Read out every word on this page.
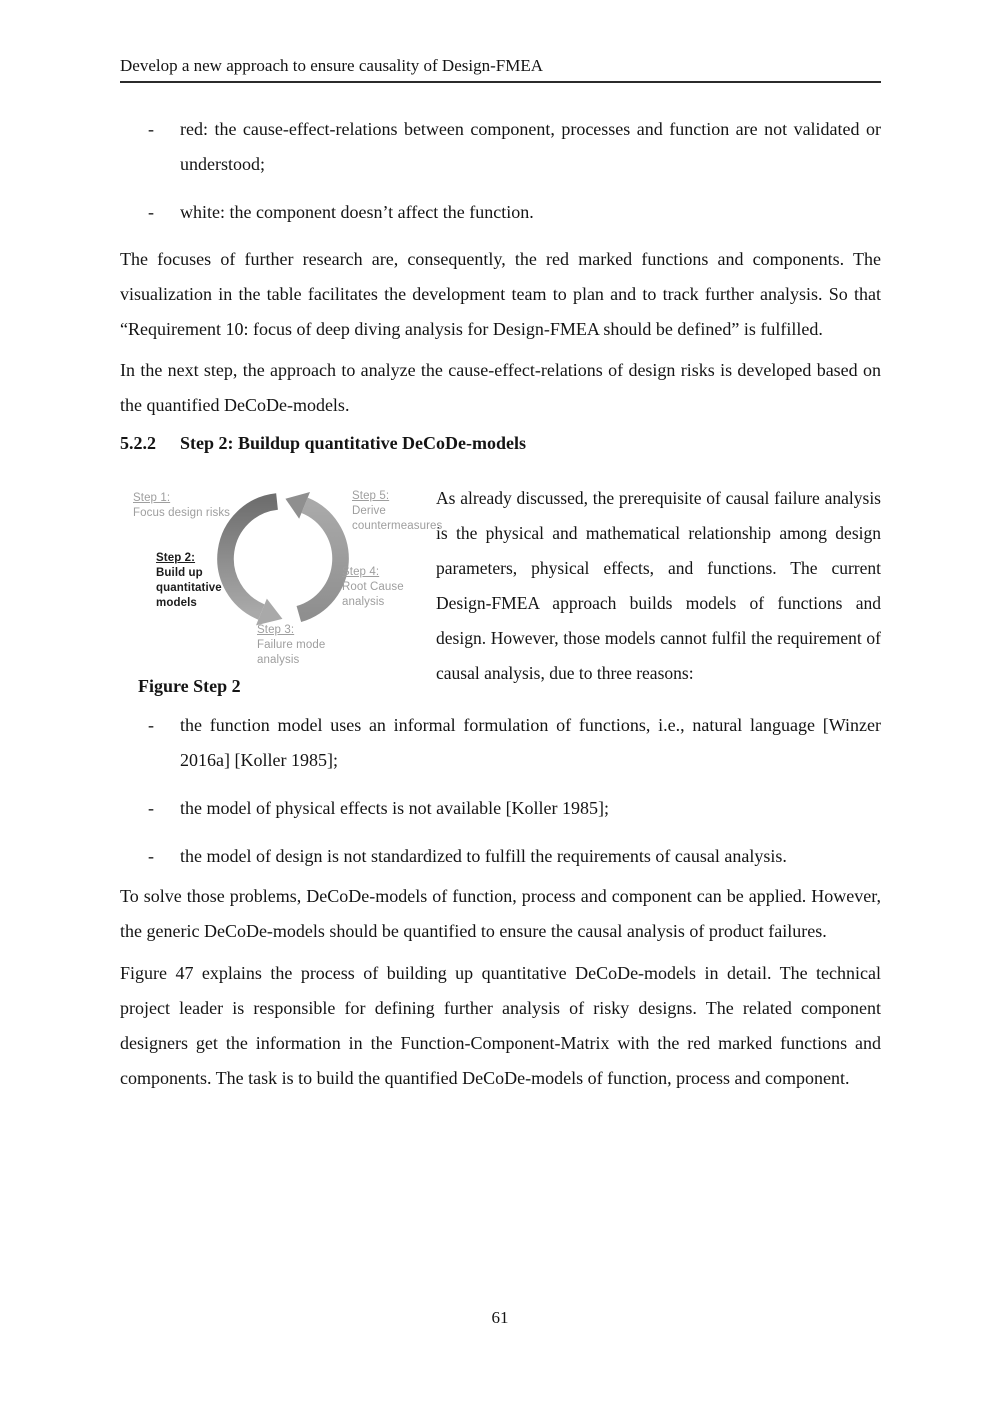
Develop a new approach to ensure causality of Design-FMEA
-	red: the cause-effect-relations between component, processes and function are not validated or understood;
-	white: the component doesn’t affect the function.

The focuses of further research are, consequently, the red marked functions and components. The visualization in the table facilitates the development team to plan and to track further analysis. So that “Requirement 10: focus of deep diving analysis for Design-FMEA should be defined” is fulfilled.

In the next step, the approach to analyze the cause-effect-relations of design risks is developed based on the quantified DeCoDe-models.

5.2.2	Step 2: Buildup quantitative DeCoDe-models
Step 1:
Focus design risks
Step 2:
Build up quantitative models
Step 3:
Failure mode analysis
Step 4:
Root Cause analysis
Step 5:
Derive countermeasures
Figure Step 2
As already discussed, the prerequisite of causal failure analysis is the physical and mathematical relationship among design parameters, physical effects, and functions. The current Design-FMEA approach builds models of functions and design. However, those models cannot fulfil the requirement of causal analysis, due to three reasons:
-	the function model uses an informal formulation of functions, i.e., natural language [Winzer 2016a] [Koller 1985];
-	the model of physical effects is not available [Koller 1985];
-	the model of design is not standardized to fulfill the requirements of causal analysis.

To solve those problems, DeCoDe-models of function, process and component can be applied. However, the generic DeCoDe-models should be quantified to ensure the causal analysis of product failures.

Figure 47 explains the process of building up quantitative DeCoDe-models in detail. The technical project leader is responsible for defining further analysis of risky designs. The related component designers get the information in the Function-Component-Matrix with the red marked functions and components. The task is to build the quantified DeCoDe-models of function, process and component.

61
